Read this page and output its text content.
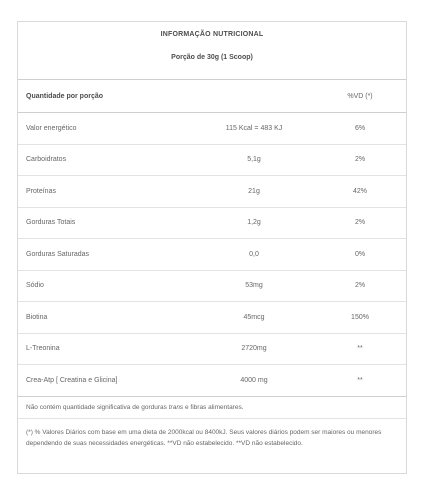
INFORMAÇÃO NUTRICIONAL
Porção de 30g (1 Scoop)
Quantidade por porção		%VD (*)
Valor energético	115 Kcal = 483 KJ	6%
Carboidratos	5,1g	2%
Proteínas	21g	42%
Gorduras Totais	1,2g	2%
Gorduras Saturadas	0,0	0%
Sódio	53mg	2%
Biotina	45mcg	150%
L-Treonina	2720mg	**
Crea-Atp [ Creatina e Glicina]	4000 mg	**
Não contém quantidade significativa de gorduras trans e fibras alimentares.
(*) % Valores Diários com base em uma dieta de 2000kcal ou 8400kJ. Seus valores diários podem ser maiores ou menores dependendo de suas necessidades energéticas. **VD não estabelecido. **VD não estabelecido.
